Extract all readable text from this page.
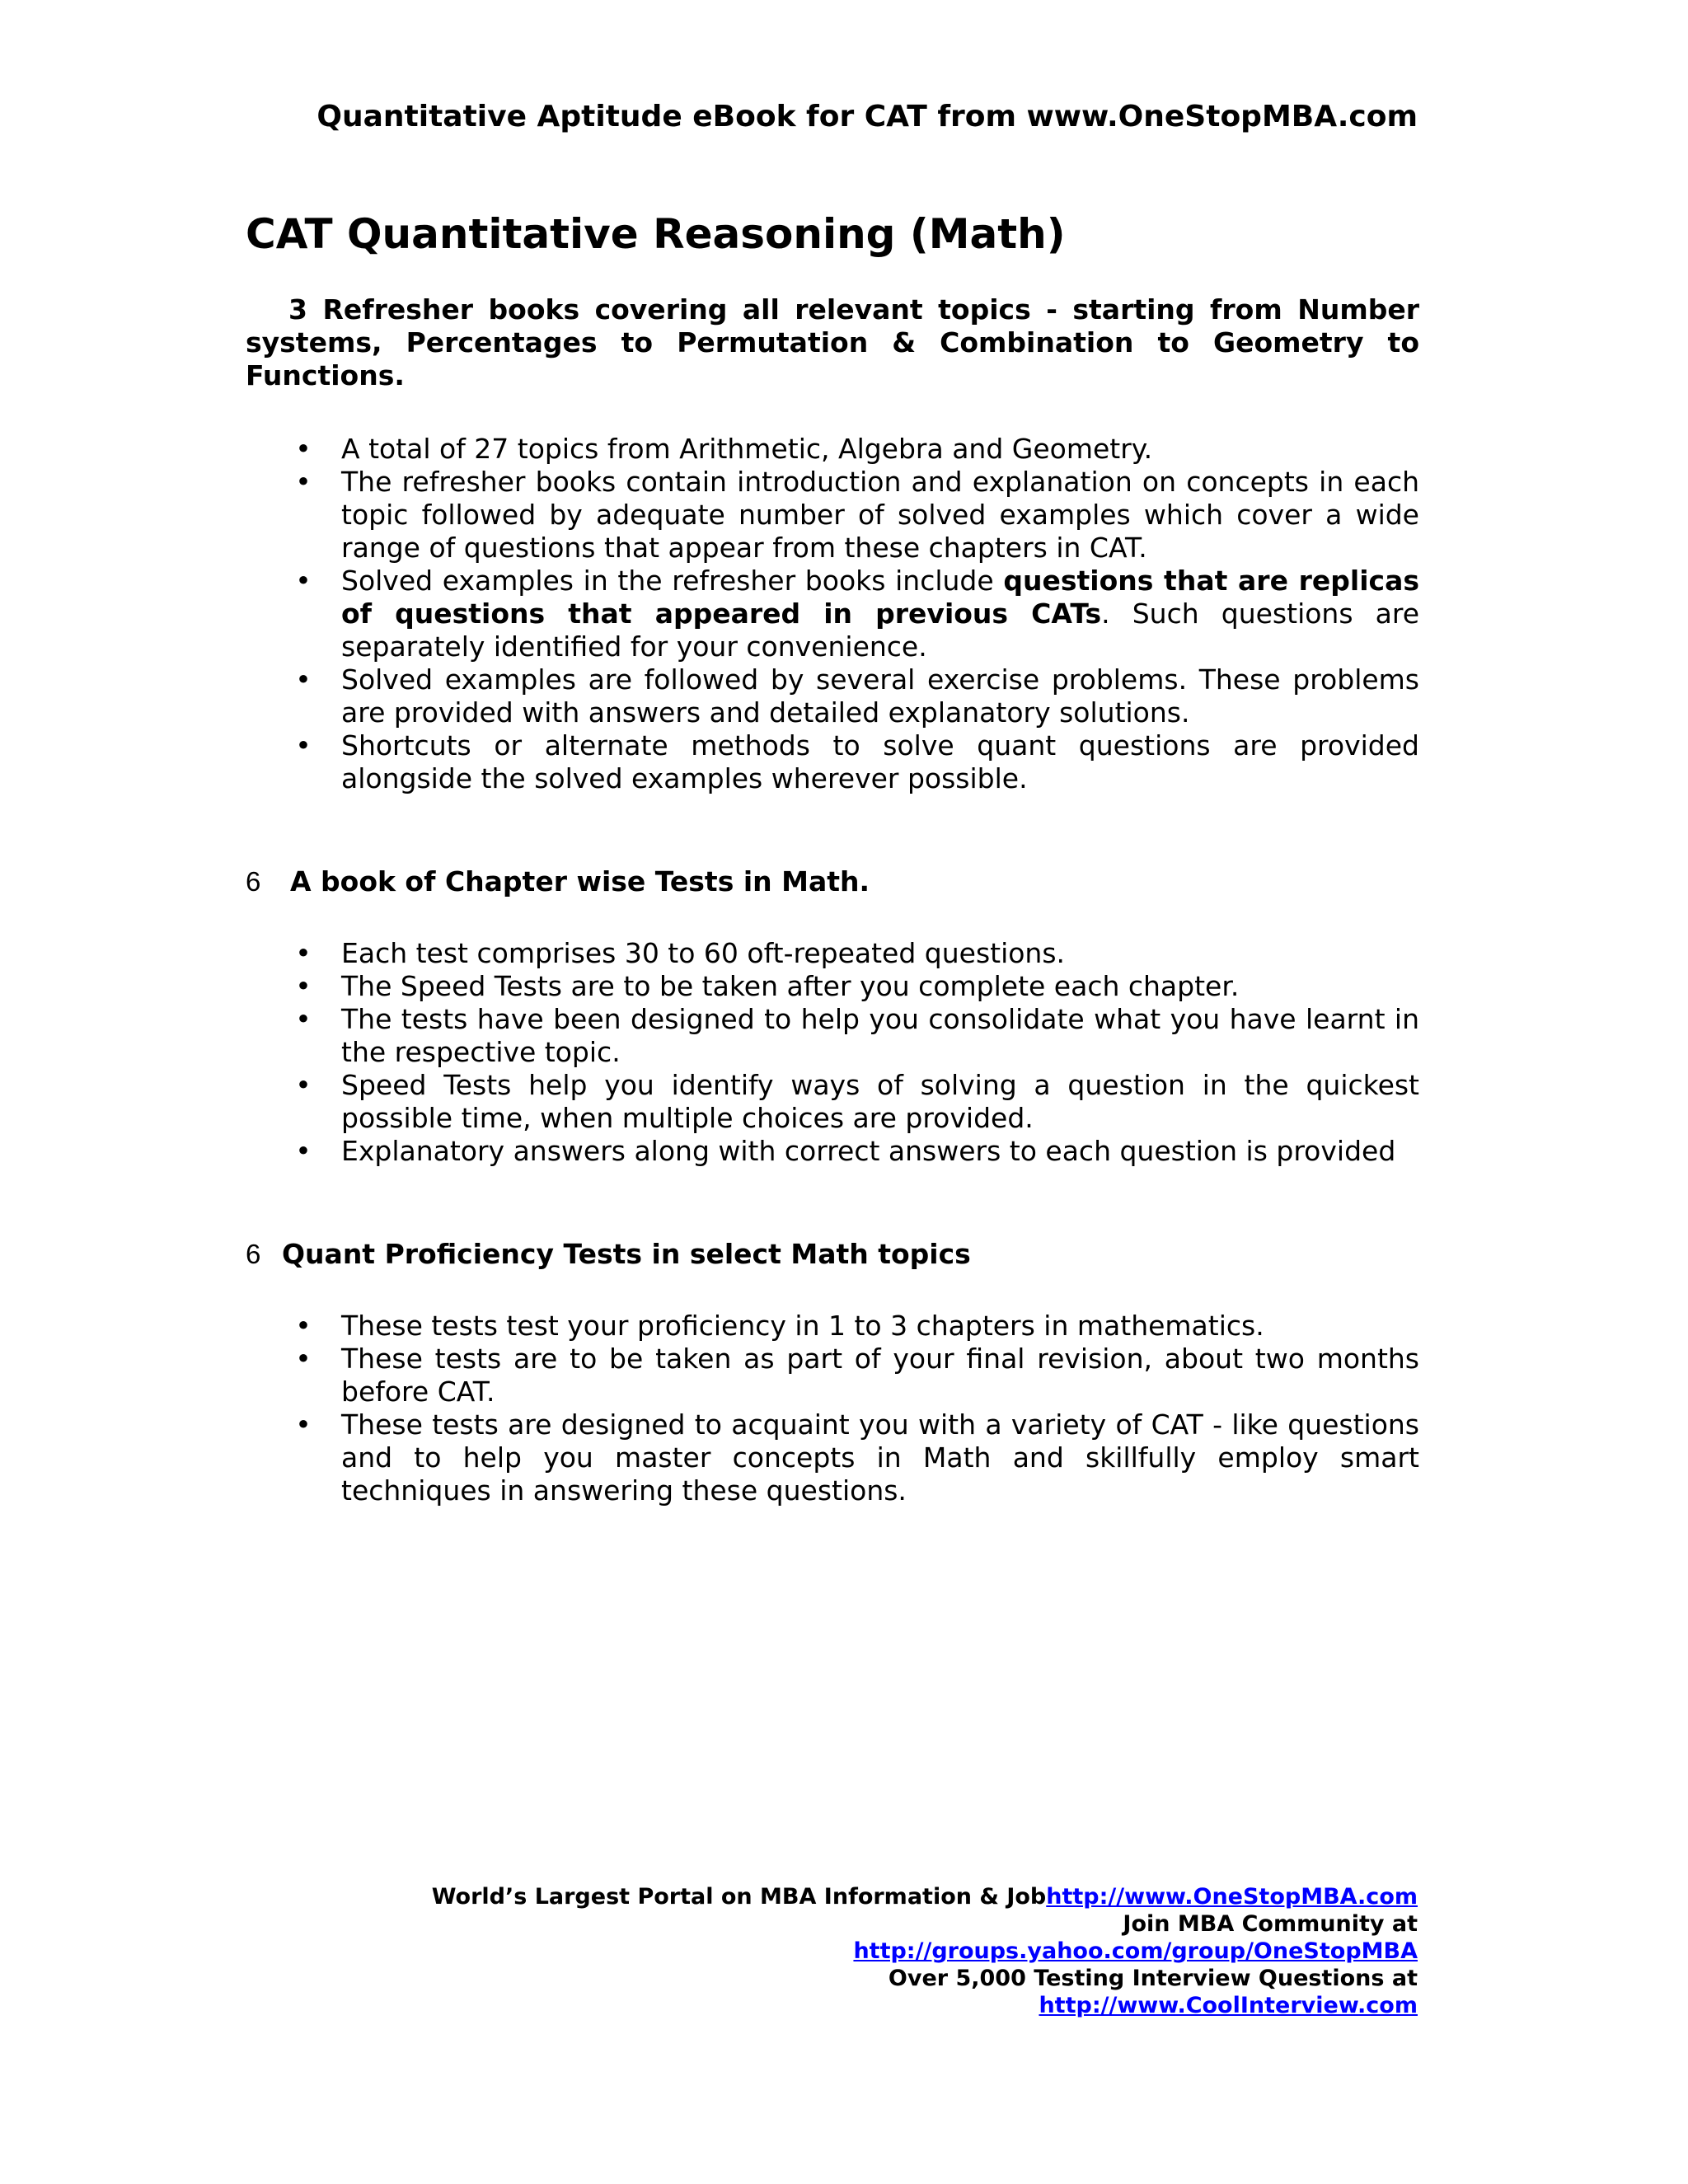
Quantitative Aptitude eBook for CAT from www.OneStopMBA.com
CAT Quantitative Reasoning (Math)
3 Refresher books covering all relevant topics - starting from Number systems, Percentages to Permutation & Combination to Geometry to Functions.
• A total of 27 topics from Arithmetic, Algebra and Geometry.
• The refresher books contain introduction and explanation on concepts in each topic followed by adequate number of solved examples which cover a wide range of questions that appear from these chapters in CAT.
• Solved examples in the refresher books include questions that are replicas of questions that appeared in previous CATs. Such questions are separately identified for your convenience.
• Solved examples are followed by several exercise problems. These problems are provided with answers and detailed explanatory solutions.
• Shortcuts or alternate methods to solve quant questions are provided alongside the solved examples wherever possible.
6 A book of Chapter wise Tests in Math.
• Each test comprises 30 to 60 oft-repeated questions.
• The Speed Tests are to be taken after you complete each chapter.
• The tests have been designed to help you consolidate what you have learnt in the respective topic.
• Speed Tests help you identify ways of solving a question in the quickest possible time, when multiple choices are provided.
• Explanatory answers along with correct answers to each question is provided
6 Quant Proficiency Tests in select Math topics
• These tests test your proficiency in 1 to 3 chapters in mathematics.
• These tests are to be taken as part of your final revision, about two months before CAT.
• These tests are designed to acquaint you with a variety of CAT - like questions and to help you master concepts in Math and skillfully employ smart techniques in answering these questions.
World’s Largest Portal on MBA Information & Jobhttp://www.OneStopMBA.com
Join MBA Community at
http://groups.yahoo.com/group/OneStopMBA
Over 5,000 Testing Interview Questions at
http://www.CoolInterview.com
